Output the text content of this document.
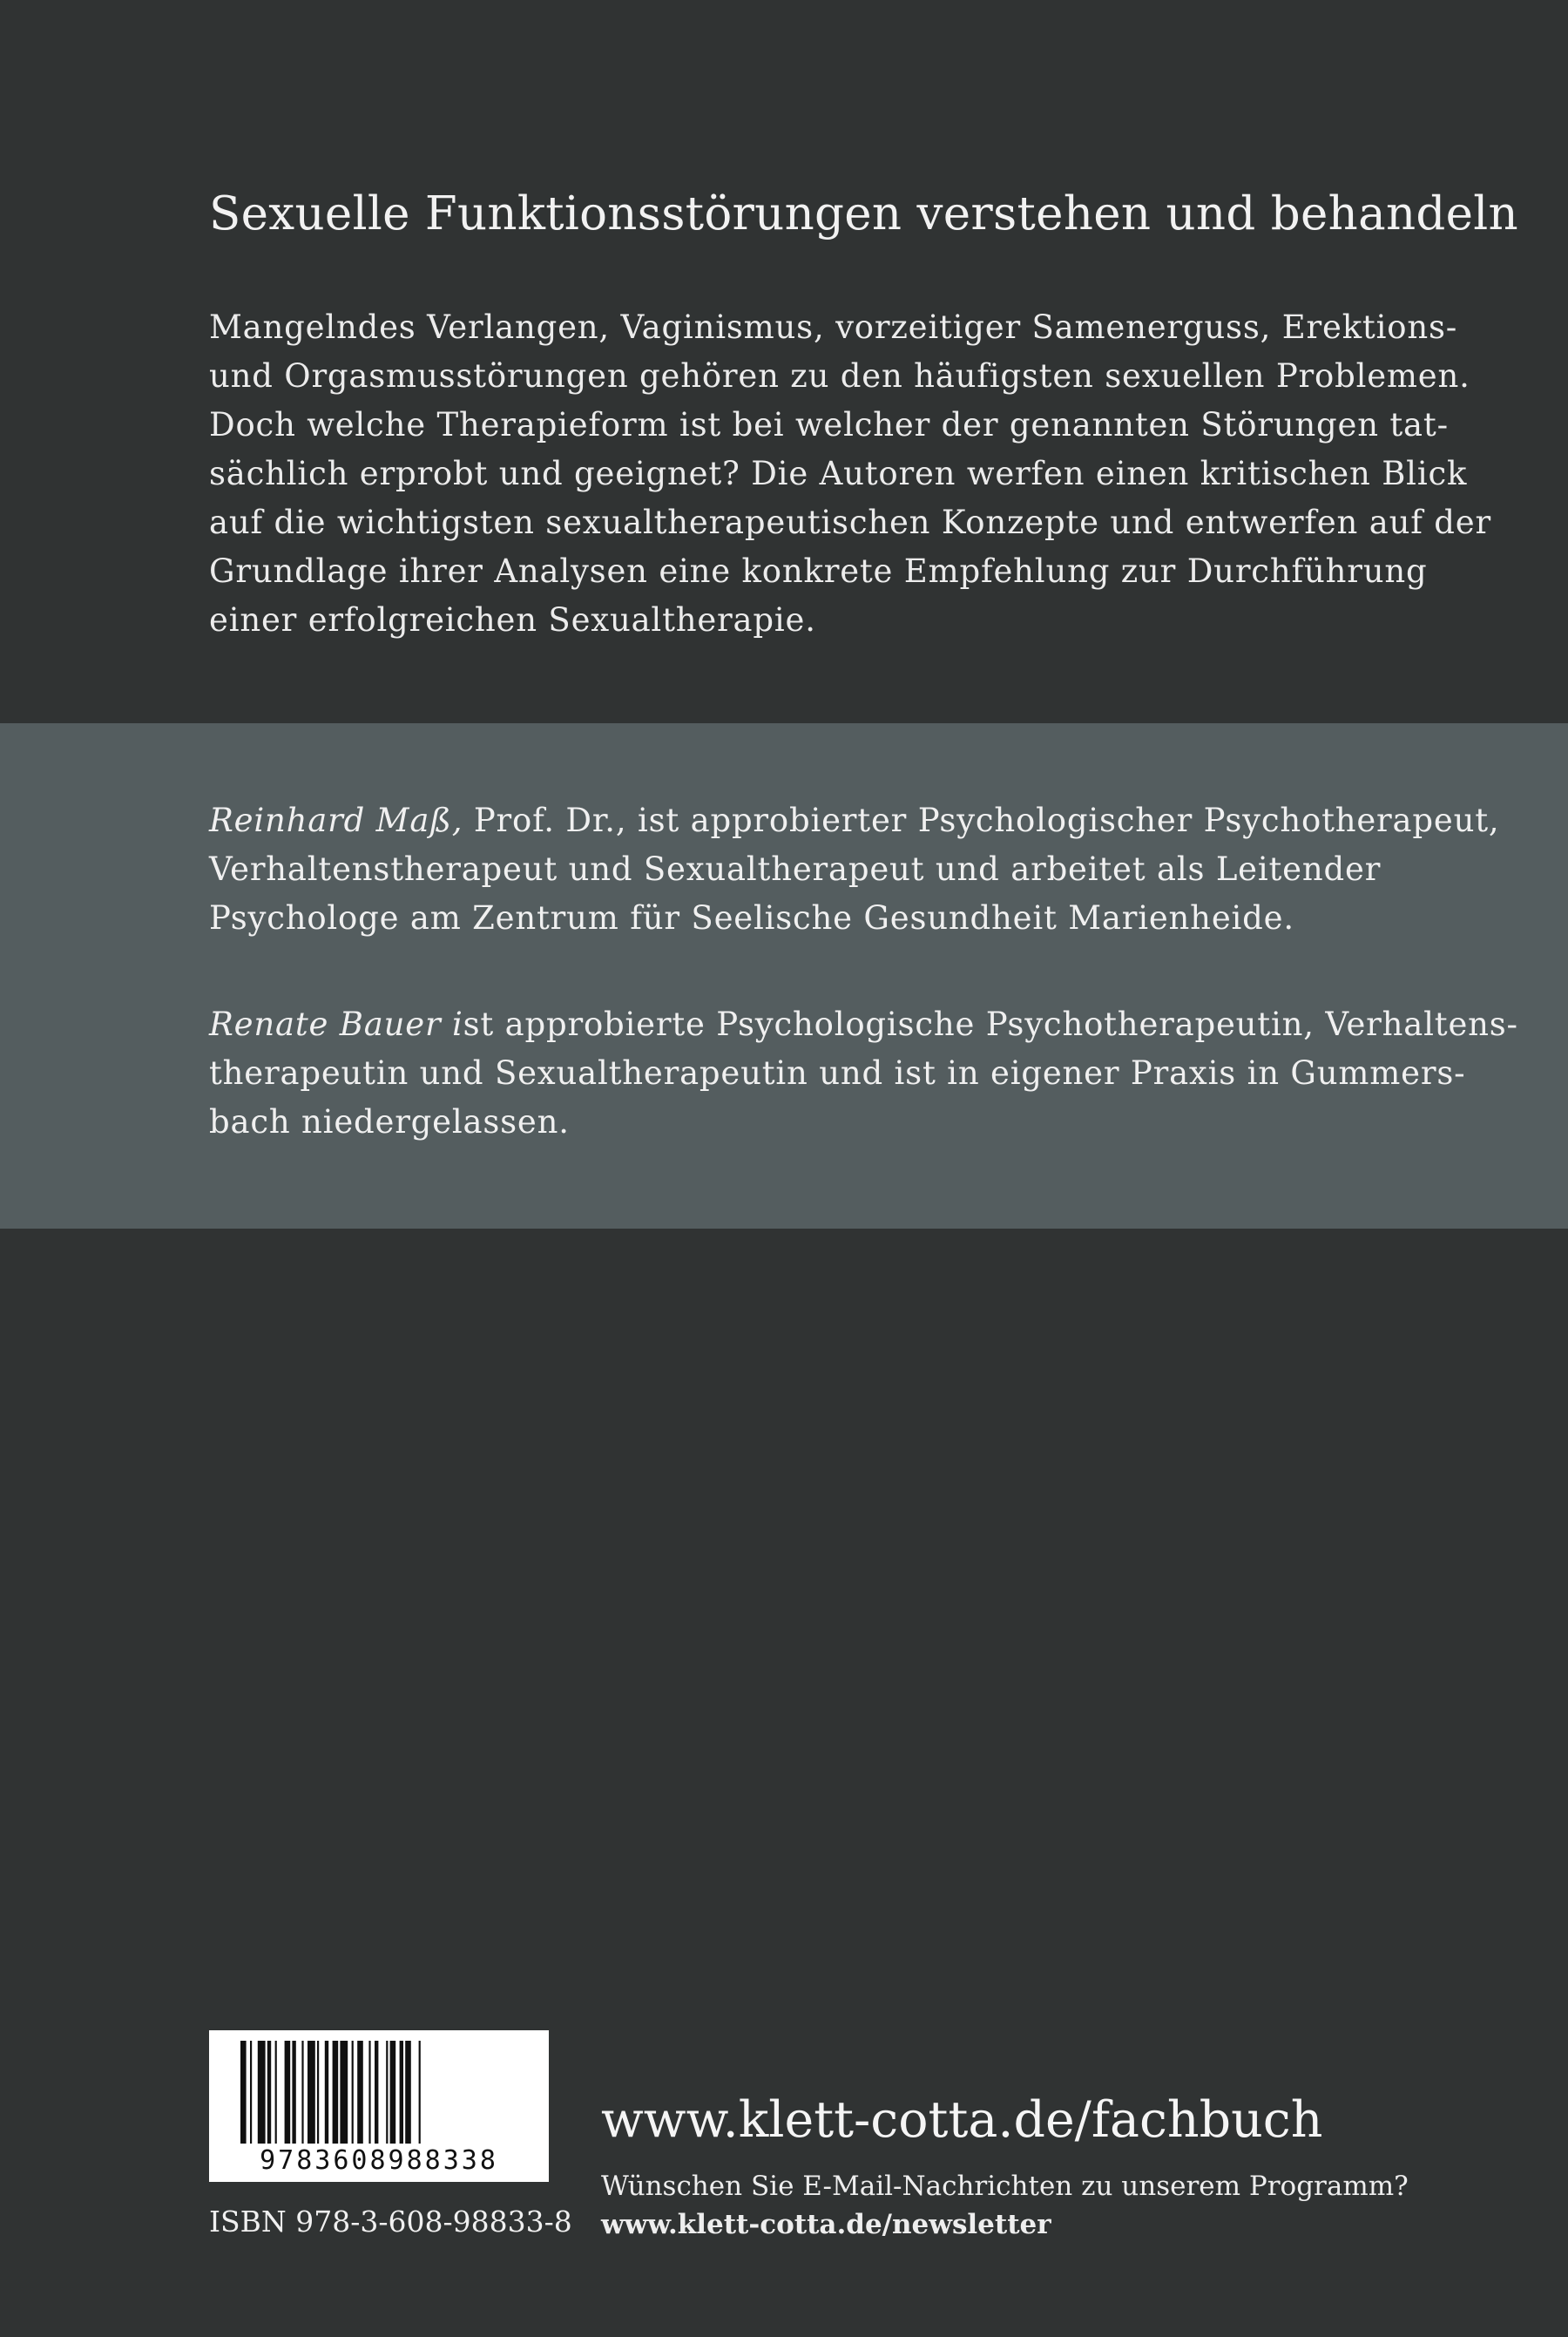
Sexuelle Funktionsstörungen verstehen und behandeln

Mangelndes Verlangen, Vaginismus, vorzeitiger Samenerguss, Erektions-
und Orgasmusstörungen gehören zu den häufigsten sexuellen Problemen.
Doch welche Therapieform ist bei welcher der genannten Störungen tat-
sächlich erprobt und geeignet? Die Autoren werfen einen kritischen Blick
auf die wichtigsten sexualtherapeutischen Konzepte und entwerfen auf der
Grundlage ihrer Analysen eine konkrete Empfehlung zur Durchführung
einer erfolgreichen Sexualtherapie.

Reinhard Maß, Prof. Dr., ist approbierter Psychologischer Psychotherapeut,
Verhaltenstherapeut und Sexualtherapeut und arbeitet als Leitender
Psychologe am Zentrum für Seelische Gesundheit Marienheide.

Renate Bauer ist approbierte Psychologische Psychotherapeutin, Verhaltens-
therapeutin und Sexualtherapeutin und ist in eigener Praxis in Gummers-
bach niedergelassen.

9783608988338
ISBN 978-3-608-98833-8
www.klett-cotta.de/fachbuch
Wünschen Sie E-Mail-Nachrichten zu unserem Programm?
www.klett-cotta.de/newsletter
